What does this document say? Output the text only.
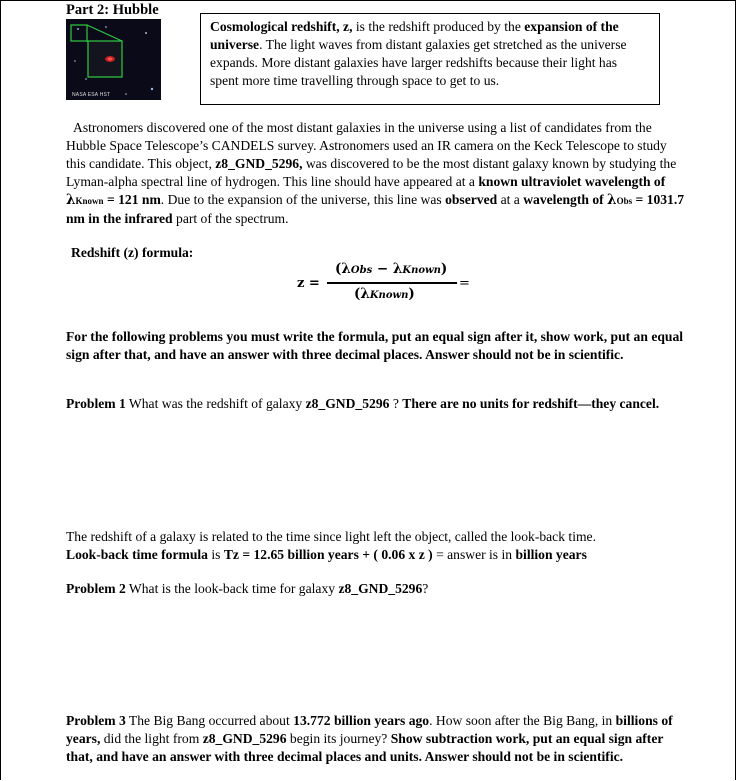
Part 2: Hubble
NASA ESA HST
Cosmological redshift, z, is the redshift produced by the expansion of the universe. The light waves from distant galaxies get stretched as the universe expands. More distant galaxies have larger redshifts because their light has spent more time travelling through space to get to us.
Astronomers discovered one of the most distant galaxies in the universe using a list of candidates from the Hubble Space Telescope’s CANDELS survey. Astronomers used an IR camera on the Keck Telescope to study this candidate. This object, z8_GND_5296, was discovered to be the most distant galaxy known by studying the Lyman-alpha spectral line of hydrogen. This line should have appeared at a known ultraviolet wavelength of λKnown = 121 nm. Due to the expansion of the universe, this line was observed at a wavelength of λObs = 1031.7 nm in the infrared part of the spectrum.
Redshift (z) formula:
z =
(λObs − λKnown)
(λKnown)
=
For the following problems you must write the formula, put an equal sign after it, show work, put an equal sign after that, and have an answer with three decimal places. Answer should not be in scientific.
Problem 1 What was the redshift of galaxy z8_GND_5296 ? There are no units for redshift—they cancel.
The redshift of a galaxy is related to the time since light left the object, called the look-back time.
Look-back time formula is Tz = 12.65 billion years + ( 0.06 x z ) = answer is in billion years
Problem 2 What is the look-back time for galaxy z8_GND_5296?
Problem 3 The Big Bang occurred about 13.772 billion years ago. How soon after the Big Bang, in billions of years, did the light from z8_GND_5296 begin its journey? Show subtraction work, put an equal sign after that, and have an answer with three decimal places and units. Answer should not be in scientific.
